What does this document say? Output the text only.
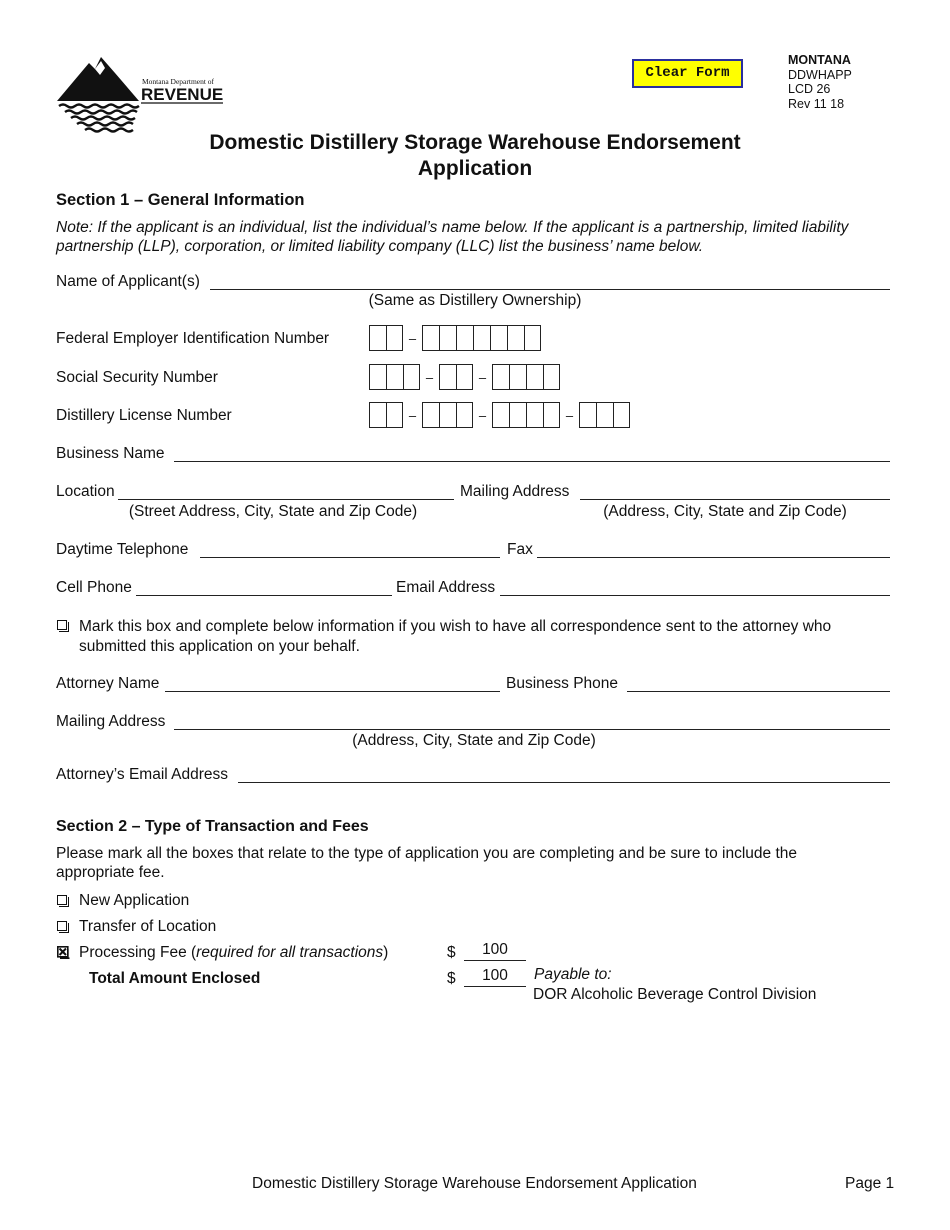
Montana Department of
REVENUE
Clear Form
MONTANA
DDWHAPP
LCD 26
Rev 11 18
Domestic Distillery Storage Warehouse Endorsement
Application
Section 1 – General Information
Note: If the applicant is an individual, list the individual’s name below. If the applicant is a partnership, limited liability partnership (LLP), corporation, or limited liability company (LLC) list the business’ name below.
Name of Applicant(s)
(Same as Distillery Ownership)
Federal Employer Identification Number	–
Social Security Number	–	–
Distillery License Number	–	–	–
Business Name
Location
(Street Address, City, State and Zip Code)
Mailing Address
(Address, City, State and Zip Code)
Daytime Telephone	Fax
Cell Phone	Email Address
Mark this box and complete below information if you wish to have all correspondence sent to the attorney who submitted this application on your behalf.
Attorney Name	Business Phone
Mailing Address
(Address, City, State and Zip Code)
Attorney’s Email Address
Section 2 – Type of Transaction and Fees
Please mark all the boxes that relate to the type of application you are completing and be sure to include the appropriate fee.
New Application
Transfer of Location
Processing Fee (required for all transactions)	$	100
Total Amount Enclosed	$	100	Payable to:
DOR Alcoholic Beverage Control Division
Domestic Distillery Storage Warehouse Endorsement Application	Page 1
